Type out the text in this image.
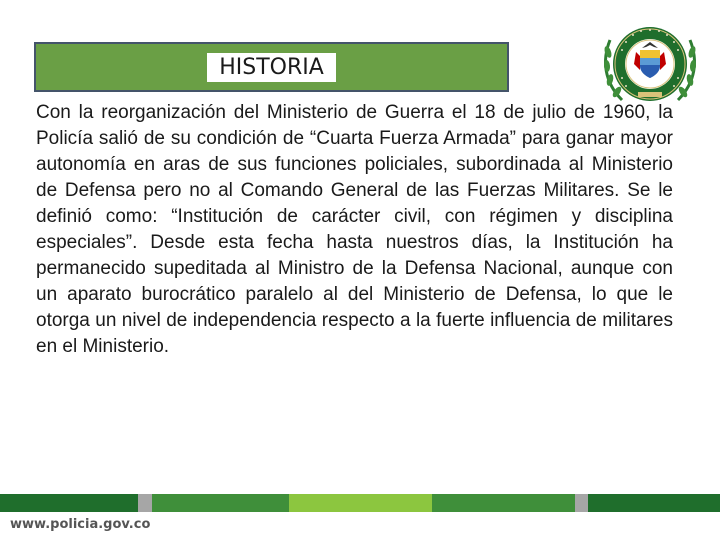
HISTORIA

Con la reorganización del Ministerio de Guerra el 18 de julio de 1960, la Policía salió de su condición de “Cuarta Fuerza Armada” para ganar mayor autonomía en aras de sus funciones policiales, subordinada al Ministerio de Defensa pero no al Comando General de las Fuerzas Militares. Se le definió como: “Institución de carácter civil, con régimen y disciplina especiales”. Desde esta fecha hasta nuestros días, la Institución ha permanecido supeditada al Ministro de la Defensa Nacional, aunque con un aparato burocrático paralelo al del Ministerio de Defensa, lo que le otorga un nivel de independencia respecto a la fuerte influencia de militares en el Ministerio.

www.policia.gov.co
